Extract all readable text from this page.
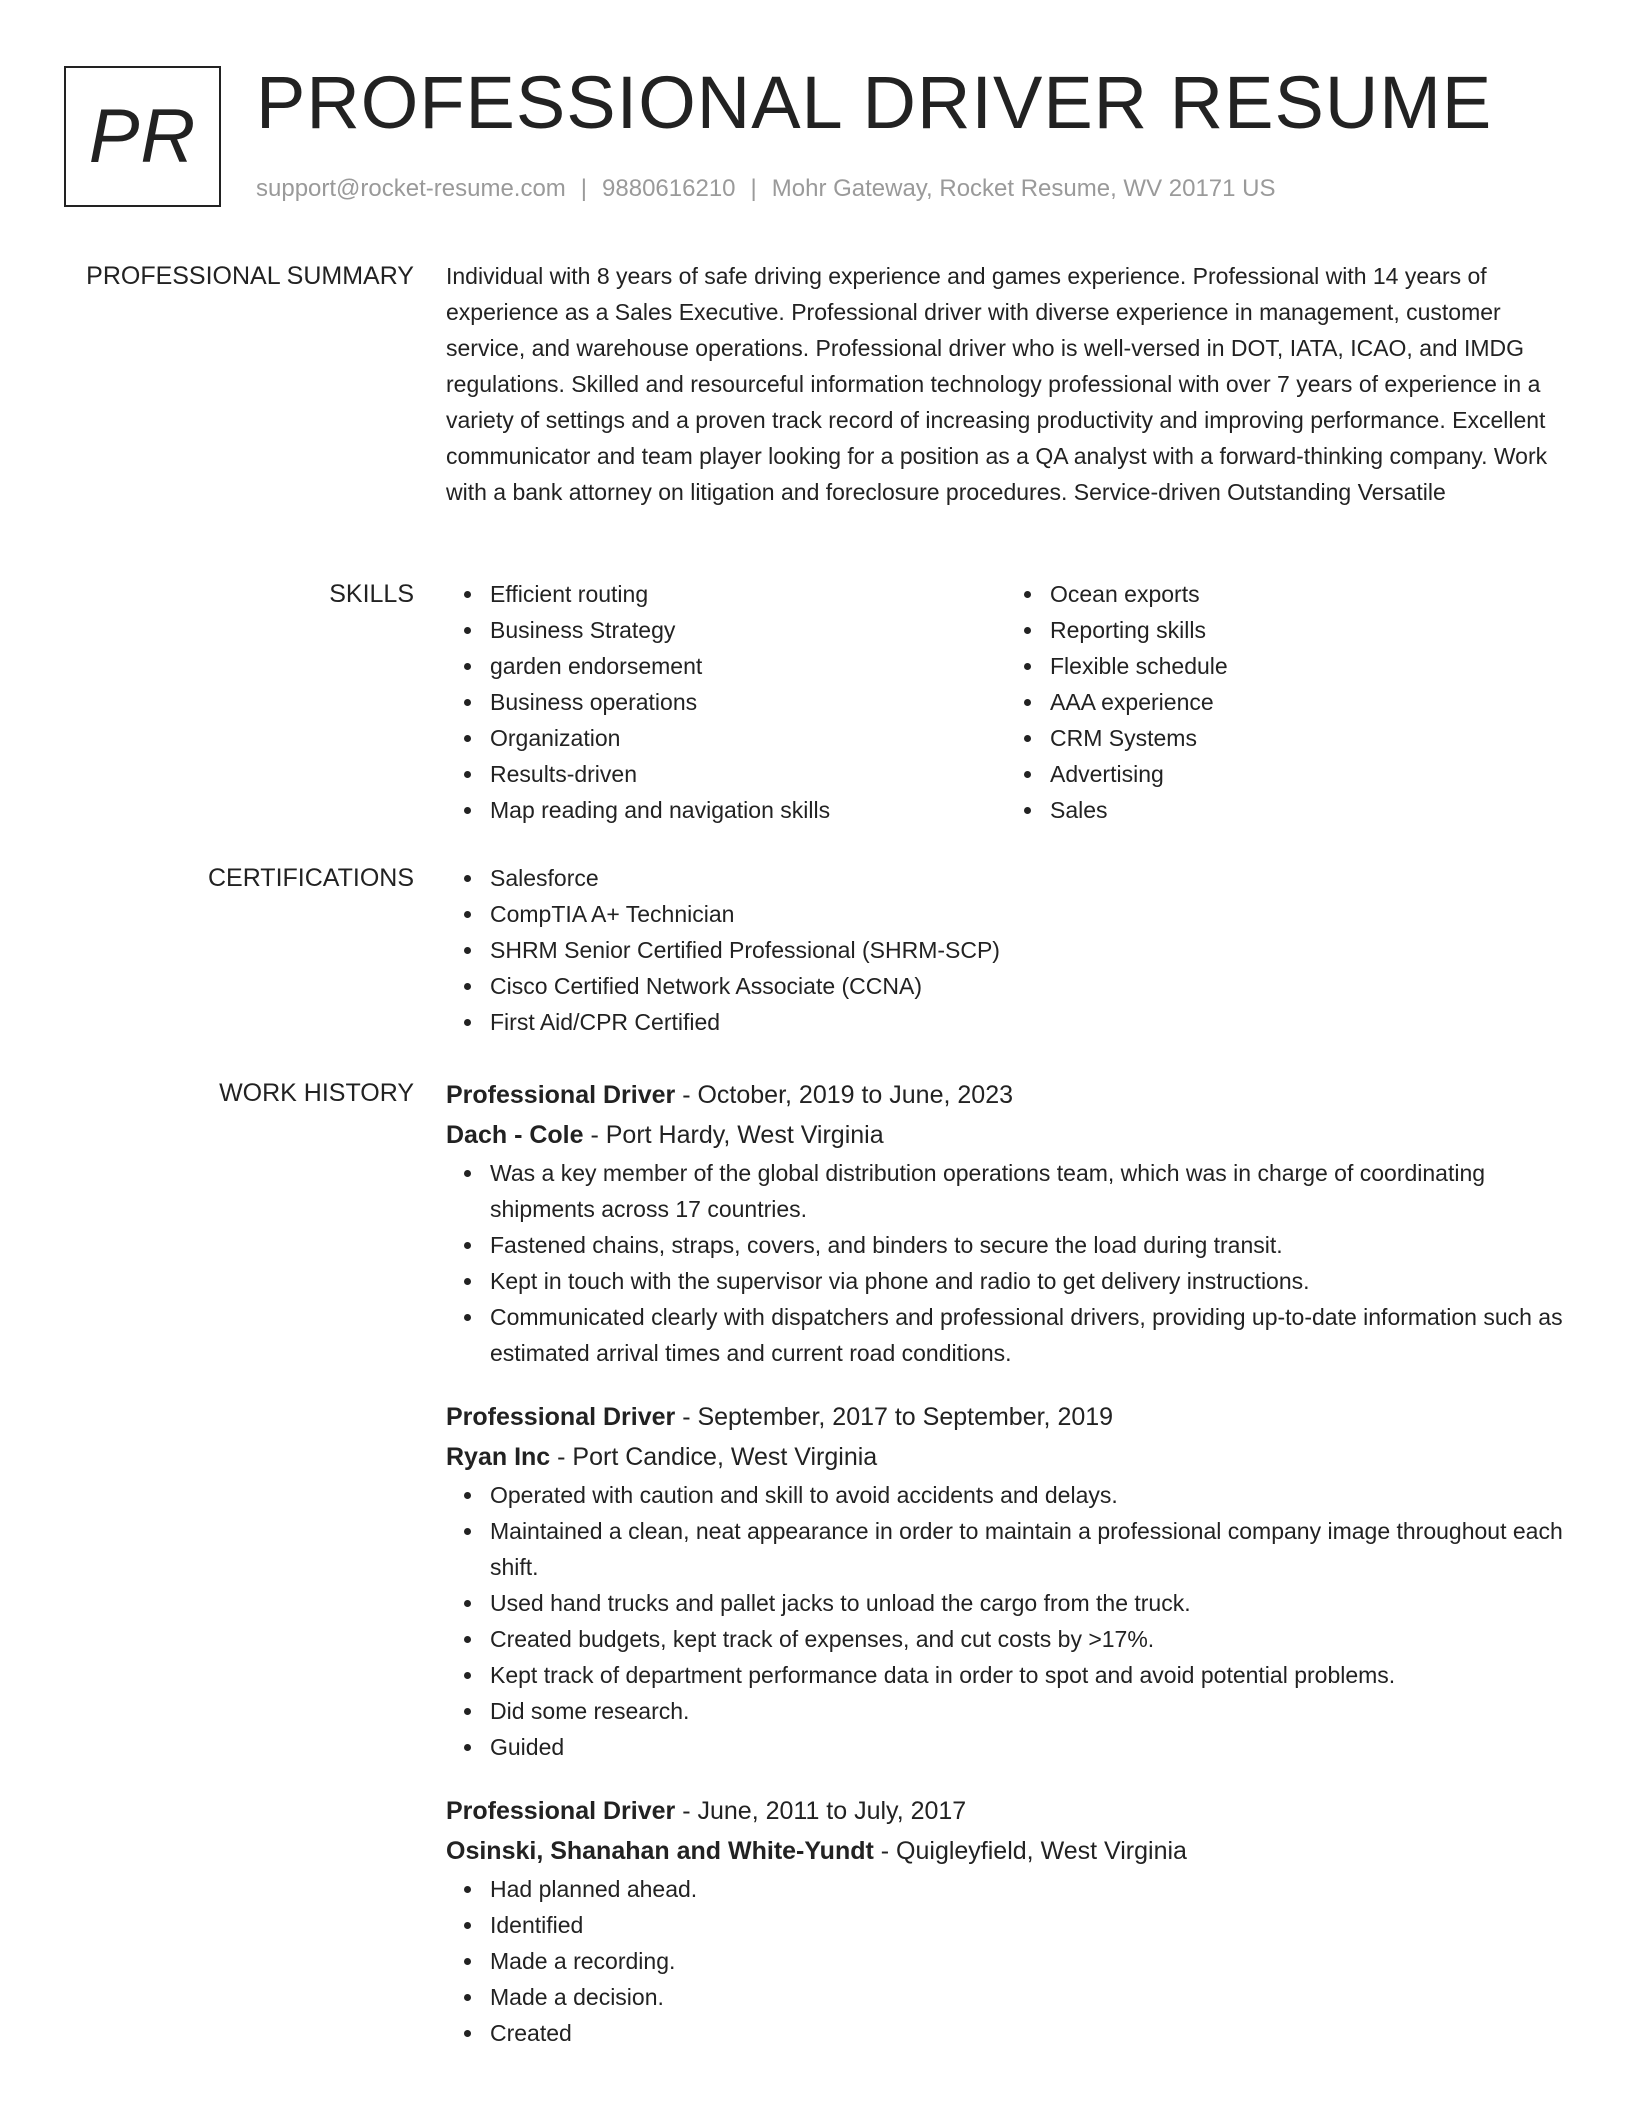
PR PROFESSIONAL DRIVER RESUME
support@rocket-resume.com | 9880616210 | Mohr Gateway, Rocket Resume, WV 20171 US
PROFESSIONAL SUMMARY Individual with 8 years of safe driving experience and games experience. Professional with 14 years of experience as a Sales Executive. Professional driver with diverse experience in management, customer service, and warehouse operations. Professional driver who is well-versed in DOT, IATA, ICAO, and IMDG regulations. Skilled and resourceful information technology professional with over 7 years of experience in a variety of settings and a proven track record of increasing productivity and improving performance. Excellent communicator and team player looking for a position as a QA analyst with a forward-thinking company. Work with a bank attorney on litigation and foreclosure procedures. Service-driven Outstanding Versatile

SKILLS	Efficient routing
Business Strategy
garden endorsement
Business operations
Organization
Results-driven
Map reading and navigation skills
Ocean exports
Reporting skills
Flexible schedule
AAA experience
CRM Systems
Advertising
Sales
CERTIFICATIONS	Salesforce
CompTIA A+ Technician
SHRM Senior Certified Professional (SHRM-SCP)
Cisco Certified Network Associate (CCNA)
First Aid/CPR Certified
WORK HISTORY Professional Driver - October, 2019 to June, 2023
Dach - Cole - Port Hardy, West Virginia
Was a key member of the global distribution operations team, which was in charge of coordinating shipments across 17 countries.
Fastened chains, straps, covers, and binders to secure the load during transit.
Kept in touch with the supervisor via phone and radio to get delivery instructions.
Communicated clearly with dispatchers and professional drivers, providing up-to-date information such as estimated arrival times and current road conditions.
Professional Driver - September, 2017 to September, 2019
Ryan Inc - Port Candice, West Virginia
Operated with caution and skill to avoid accidents and delays.
Maintained a clean, neat appearance in order to maintain a professional company image throughout each shift.
Used hand trucks and pallet jacks to unload the cargo from the truck.
Created budgets, kept track of expenses, and cut costs by >17%.
Kept track of department performance data in order to spot and avoid potential problems.
Did some research.
Guided
Professional Driver - June, 2011 to July, 2017
Osinski, Shanahan and White-Yundt - Quigleyfield, West Virginia
Had planned ahead.
Identified
Made a recording.
Made a decision.
Created
